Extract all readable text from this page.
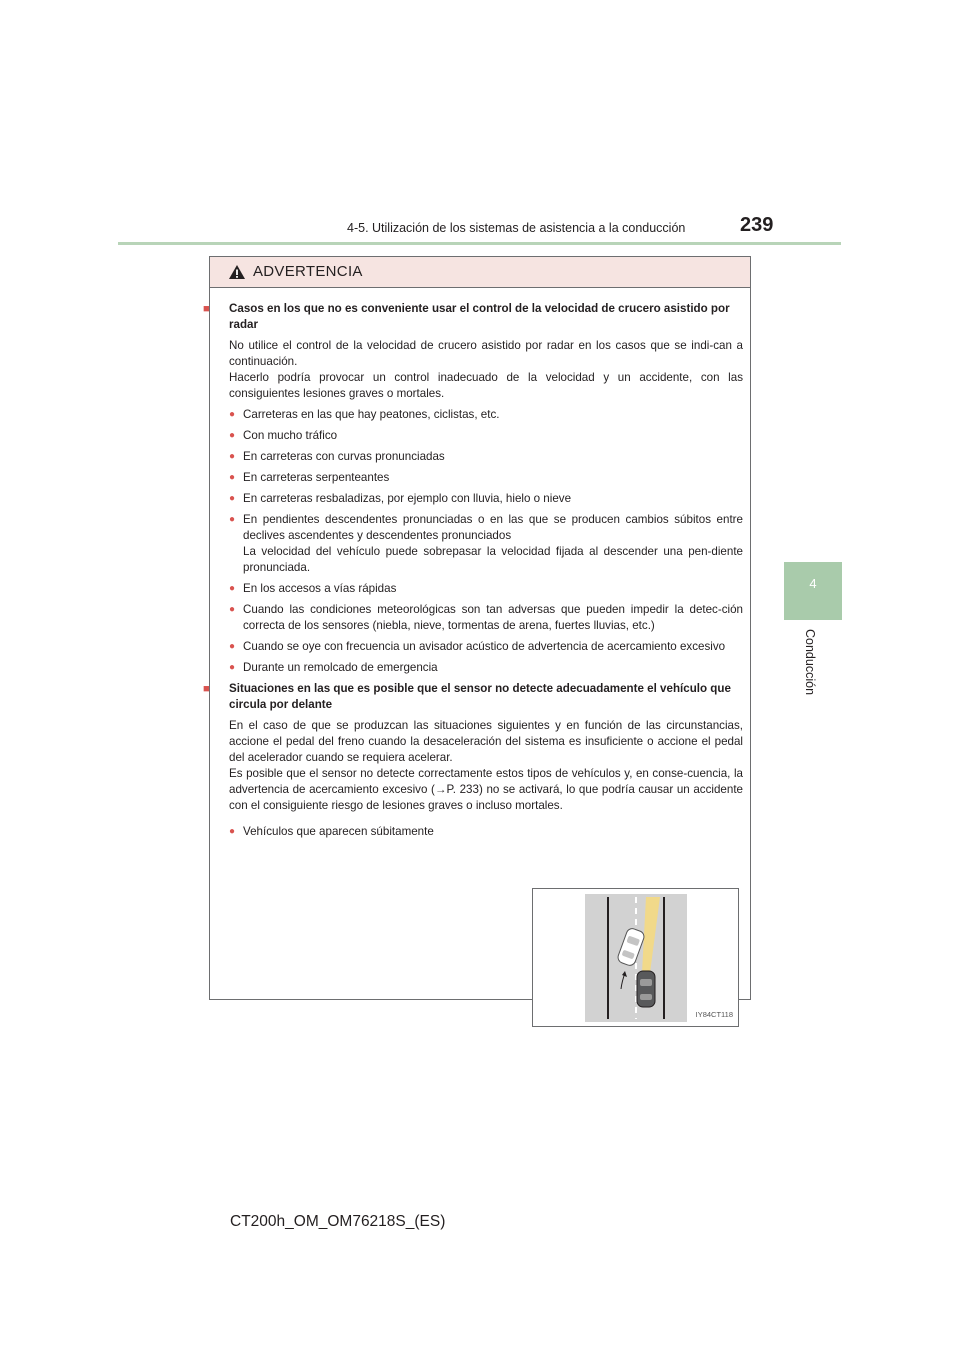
4-5. Utilización de los sistemas de asistencia a la conducción	239
4
Conducción
ADVERTENCIA
■ Casos en los que no es conveniente usar el control de la velocidad de crucero asistido por radar
No utilice el control de la velocidad de crucero asistido por radar en los casos que se indi-can a continuación.
Hacerlo podría provocar un control inadecuado de la velocidad y un accidente, con las consiguientes lesiones graves o mortales.
● Carreteras en las que hay peatones, ciclistas, etc.
● Con mucho tráfico
● En carreteras con curvas pronunciadas
● En carreteras serpenteantes
● En carreteras resbaladizas, por ejemplo con lluvia, hielo o nieve
● En pendientes descendentes pronunciadas o en las que se producen cambios súbitos entre declives ascendentes y descendentes pronunciados
La velocidad del vehículo puede sobrepasar la velocidad fijada al descender una pen-diente pronunciada.
● En los accesos a vías rápidas
● Cuando las condiciones meteorológicas son tan adversas que pueden impedir la detec-ción correcta de los sensores (niebla, nieve, tormentas de arena, fuertes lluvias, etc.)
● Cuando se oye con frecuencia un avisador acústico de advertencia de acercamiento excesivo
● Durante un remolcado de emergencia
■ Situaciones en las que es posible que el sensor no detecte adecuadamente el vehículo que circula por delante
En el caso de que se produzcan las situaciones siguientes y en función de las circunstancias, accione el pedal del freno cuando la desaceleración del sistema es insuficiente o accione el pedal del acelerador cuando se requiera acelerar.
Es posible que el sensor no detecte correctamente estos tipos de vehículos y, en conse-cuencia, la advertencia de acercamiento excesivo (→P. 233) no se activará, lo que podría causar un accidente con el consiguiente riesgo de lesiones graves o incluso mortales.
● Vehículos que aparecen súbitamente
IY84CT118
CT200h_OM_OM76218S_(ES)
